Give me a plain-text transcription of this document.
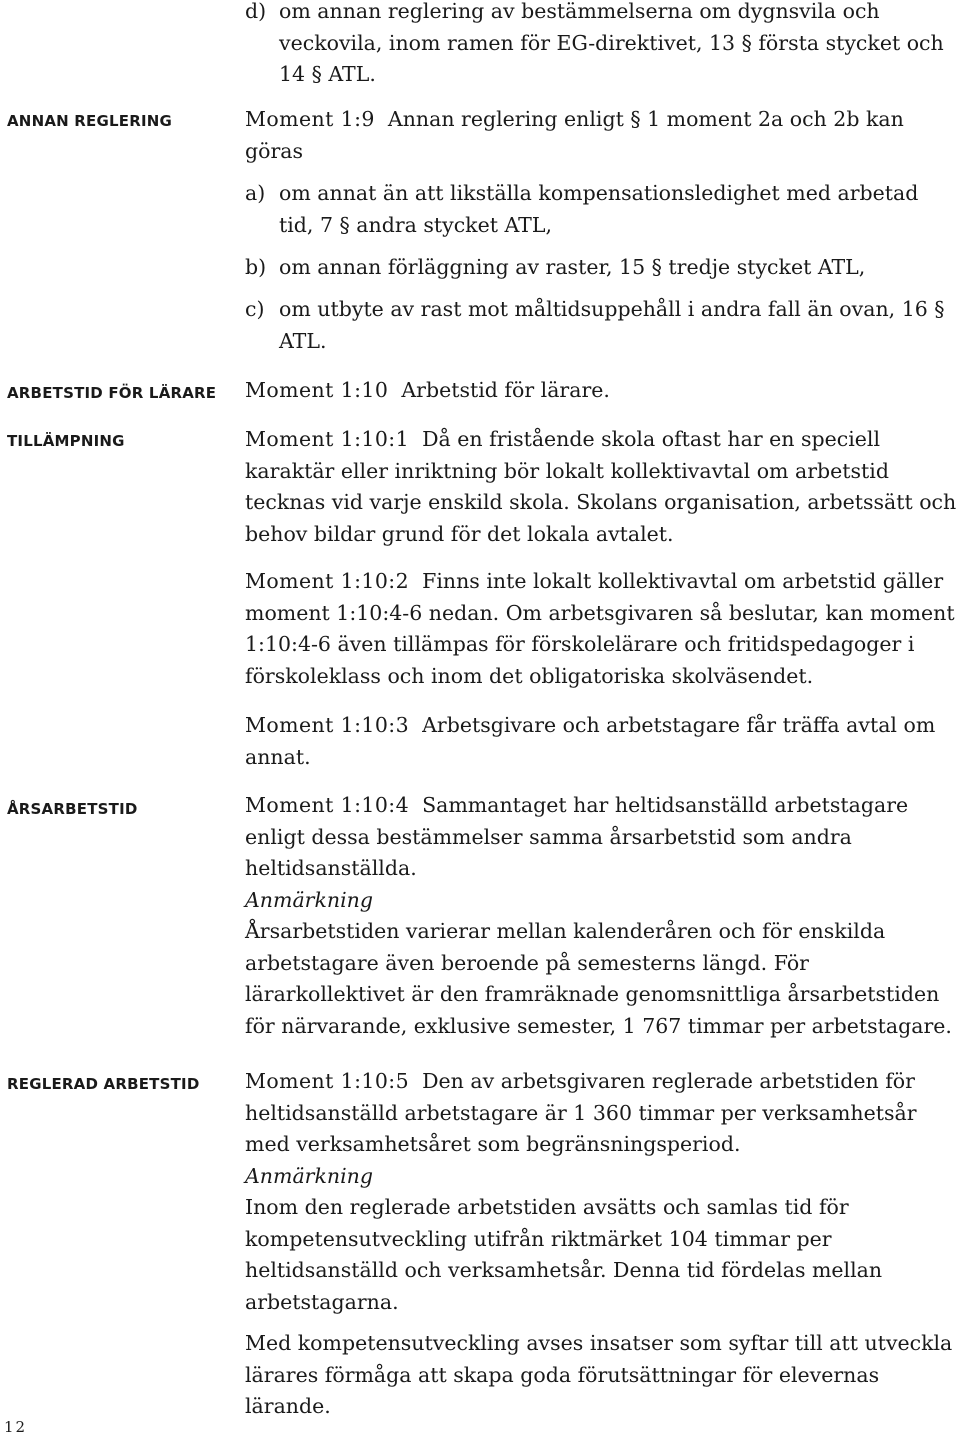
ANNAN REGLERING
ARBETSTID FÖR LÄRARE
TILLÄMPNING
ÅRSARBETSTID
REGLERAD ARBETSTID
d) om annan reglering av bestämmelserna om dygnsvila och veckovila, inom ramen för EG-direktivet, 13 § första stycket och 14 § ATL.

Moment 1:9 Annan reglering enligt § 1 moment 2a och 2b kan göras

a) om annat än att likställa kompensationsledighet med arbetad tid, 7 § andra stycket ATL,
b) om annan förläggning av raster, 15 § tredje stycket ATL,
c) om utbyte av rast mot måltidsuppehåll i andra fall än ovan, 16 § ATL.

Moment 1:10 Arbetstid för lärare.

Moment 1:10:1 Då en fristående skola oftast har en speciell karaktär eller inriktning bör lokalt kollektivavtal om arbetstid tecknas vid varje enskild skola. Skolans organisation, arbetssätt och behov bildar grund för det lokala avtalet.

Moment 1:10:2 Finns inte lokalt kollektivavtal om arbetstid gäller moment 1:10:4-6 nedan. Om arbetsgivaren så beslutar, kan moment 1:10:4-6 även tillämpas för förskolelärare och fritidspedagoger i förskoleklass och inom det obligatoriska skolväsendet.

Moment 1:10:3 Arbetsgivare och arbetstagare får träffa avtal om annat.

Moment 1:10:4 Sammantaget har heltidsanställd arbetstagare enligt dessa bestämmelser samma årsarbetstid som andra heltidsanställda.

Anmärkning

Årsarbetstiden varierar mellan kalenderåren och för enskilda arbetstagare även beroende på semesterns längd. För lärarkollektivet är den framräknade genomsnittliga årsarbetstiden för närvarande, exklusive semester, 1 767 timmar per arbetstagare.

Moment 1:10:5 Den av arbetsgivaren reglerade arbetstiden för heltidsanställd arbetstagare är 1 360 timmar per verksamhetsår med verksamhetsåret som begränsningsperiod.

Anmärkning

Inom den reglerade arbetstiden avsätts och samlas tid för kompetensutveckling utifrån riktmärket 104 timmar per heltidsanställd och verksamhetsår. Denna tid fördelas mellan arbetstagarna.

Med kompetensutveckling avses insatser som syftar till att utveckla lärares förmåga att skapa goda förutsättningar för elevernas lärande.

12
